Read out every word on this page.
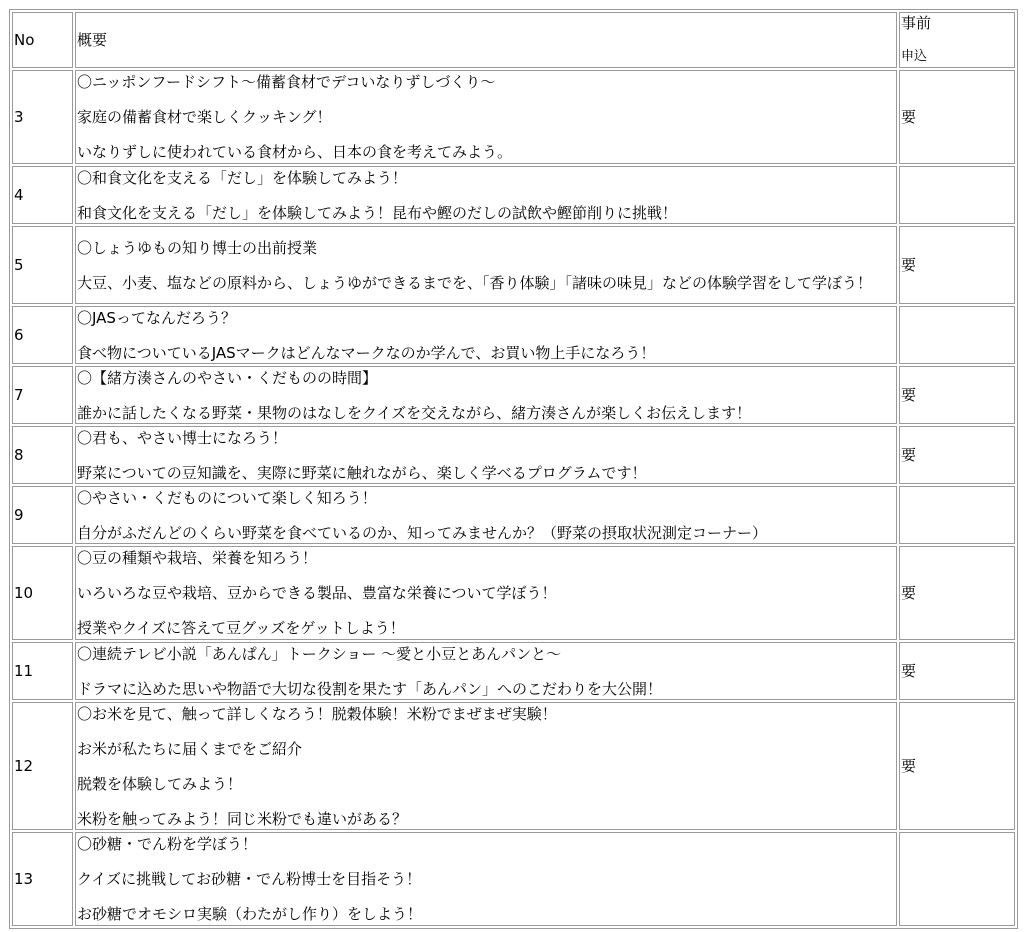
No	概要	事前
申込

3	〇ニッポンフードシフト～備蓄食材でデコいなりずしづくり～

家庭の備蓄食材で楽しくクッキング！

いなりずしに使われている食材から、日本の食を考えてみよう。	要
4	〇和食文化を支える「だし」を体験してみよう！

和食文化を支える「だし」を体験してみよう！昆布や鰹のだしの試飲や鰹節削りに挑戦！	

5	〇しょうゆもの知り博士の出前授業

大豆、小麦、塩などの原料から、しょうゆができるまでを、「香り体験」「諸味の味見」などの体験学習をして学ぼう！	要
6	〇JASってなんだろう？

食べ物についているJASマークはどんなマークなのか学んで、お買い物上手になろう！	

7	〇【緒方湊さんのやさい・くだものの時間】

誰かに話したくなる野菜・果物のはなしをクイズを交えながら、緒方湊さんが楽しくお伝えします！	要
8	〇君も、やさい博士になろう！

野菜についての豆知識を、実際に野菜に触れながら、楽しく学べるプログラムです！	要
9	〇やさい・くだものについて楽しく知ろう！

自分がふだんどのくらい野菜を食べているのか、知ってみませんか？（野菜の摂取状況測定コーナー）	

10	〇豆の種類や栽培、栄養を知ろう！

いろいろな豆や栽培、豆からできる製品、豊富な栄養について学ぼう！

授業やクイズに答えて豆グッズをゲットしよう！	要
11	〇連続テレビ小説「あんぱん」トークショー ～愛と小豆とあんパンと～

ドラマに込めた思いや物語で大切な役割を果たす「あんパン」へのこだわりを大公開！	要
12	〇お米を見て、触って詳しくなろう！脱穀体験！米粉でまぜまぜ実験！

お米が私たちに届くまでをご紹介

脱穀を体験してみよう！

米粉を触ってみよう！同じ米粉でも違いがある？	要
13	〇砂糖・でん粉を学ぼう！

クイズに挑戦してお砂糖・でん粉博士を目指そう！

お砂糖でオモシロ実験（わたがし作り）をしよう！	
